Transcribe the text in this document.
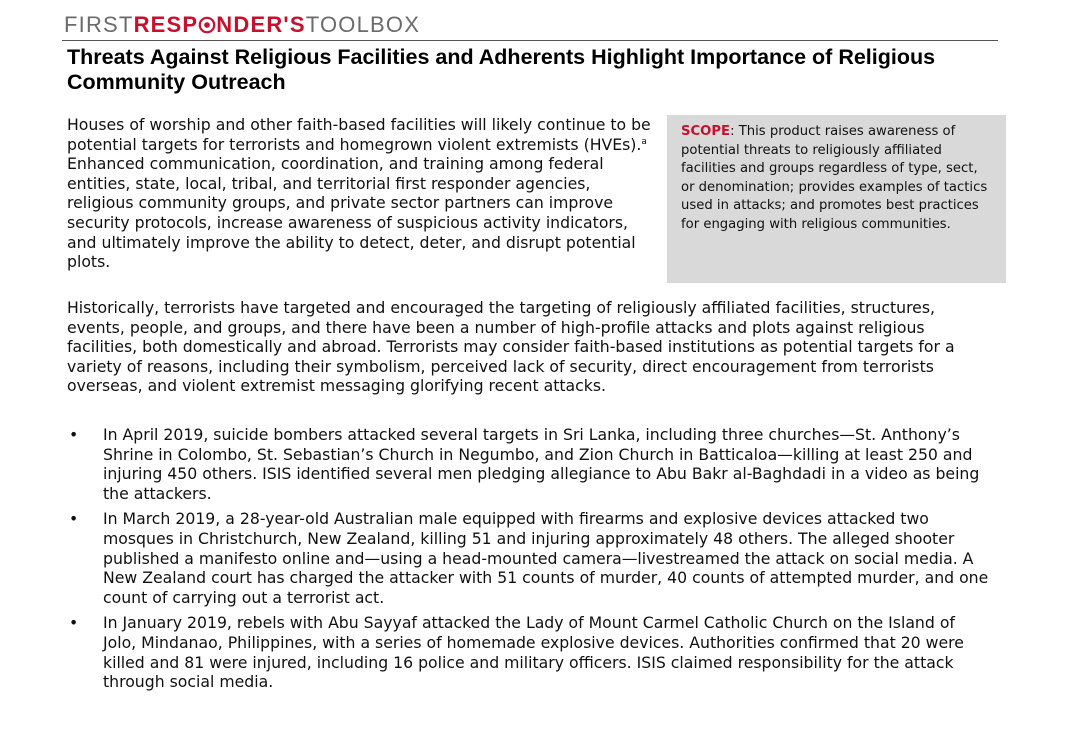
FIRSTRESP NDER'STOOLBOX
Threats Against Religious Facilities and Adherents Highlight Importance of Religious Community Outreach

Houses of worship and other faith-based facilities will likely continue to be potential targets for terrorists and homegrown violent extremists (HVEs).$^a$ Enhanced communication, coordination, and training among federal entities, state, local, tribal, and territorial first responder agencies, religious community groups, and private sector partners can improve security protocols, increase awareness of suspicious activity indicators, and ultimately improve the ability to detect, deter, and disrupt potential plots.

SCOPE: This product raises awareness of potential threats to religiously affiliated facilities and groups regardless of type, sect, or denomination; provides examples of tactics used in attacks; and promotes best practices for engaging with religious communities.

Historically, terrorists have targeted and encouraged the targeting of religiously affiliated facilities, structures, events, people, and groups, and there have been a number of high-profile attacks and plots against religious facilities, both domestically and abroad. Terrorists may consider faith-based institutions as potential targets for a variety of reasons, including their symbolism, perceived lack of security, direct encouragement from terrorists overseas, and violent extremist messaging glorifying recent attacks.

• In April 2019, suicide bombers attacked several targets in Sri Lanka, including three churches—St. Anthony’s Shrine in Colombo, St. Sebastian’s Church in Negumbo, and Zion Church in Batticaloa—killing at least 250 and injuring 450 others. ISIS identified several men pledging allegiance to Abu Bakr al-Baghdadi in a video as being the attackers.
• In March 2019, a 28-year-old Australian male equipped with firearms and explosive devices attacked two mosques in Christchurch, New Zealand, killing 51 and injuring approximately 48 others. The alleged shooter published a manifesto online and—using a head-mounted camera—livestreamed the attack on social media. A New Zealand court has charged the attacker with 51 counts of murder, 40 counts of attempted murder, and one count of carrying out a terrorist act.
• In January 2019, rebels with Abu Sayyaf attacked the Lady of Mount Carmel Catholic Church on the Island of Jolo, Mindanao, Philippines, with a series of homemade explosive devices. Authorities confirmed that 20 were killed and 81 were injured, including 16 police and military officers. ISIS claimed responsibility for the attack through social media.
